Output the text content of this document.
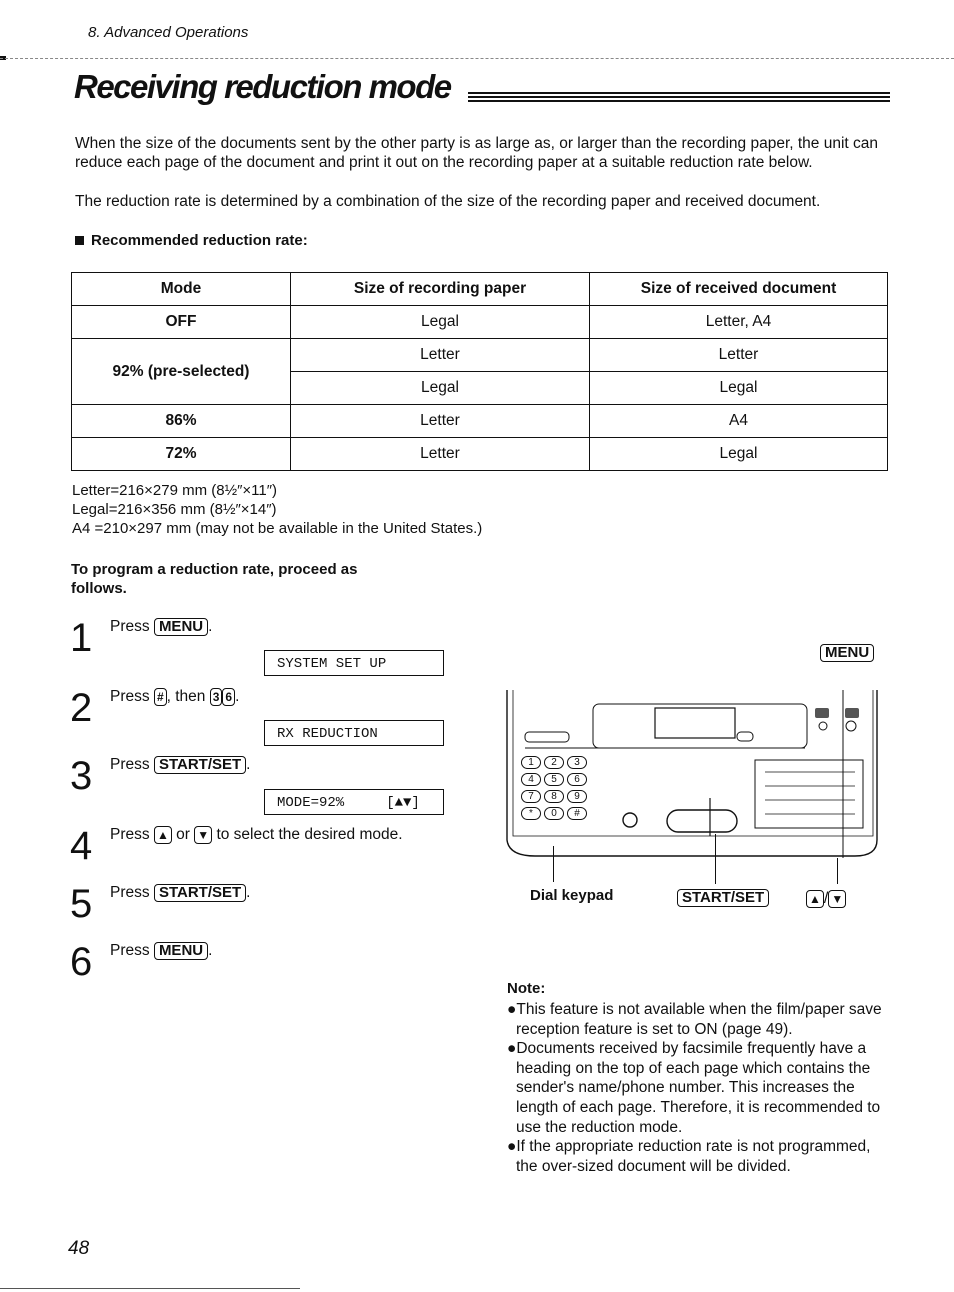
8. Advanced Operations
Receiving reduction mode
When the size of the documents sent by the other party is as large as, or larger than the recording paper, the unit can reduce each page of the document and print it out on the recording paper at a suitable reduction rate below.
The reduction rate is determined by a combination of the size of the recording paper and received document.
Recommended reduction rate:
Mode	Size of recording paper	Size of received document
OFF	Legal	Letter, A4
92% (pre-selected)	Letter	Letter
	Legal	Legal
86%	Letter	A4
72%	Letter	Legal
Letter=216×279 mm (8½″×11″)
Legal=216×356 mm (8½″×14″)
A4 =210×297 mm (may not be available in the United States.)
To program a reduction rate, proceed as follows.
1 Press MENU .
SYSTEM SET UP
2 Press # , then 3 6 .
RX REDUCTION
3 Press START/SET .
MODE=92%     [▲▼]
4 Press ▲ or ▼ to select the desired mode.
5 Press START/SET .
6 Press MENU .
MENU
1	2	3
4	5	6
7	8	9
*	0	#
Dial keypad	START/SET	▲ / ▼
Note:
●This feature is not available when the film/paper save reception feature is set to ON (page 49).
●Documents received by facsimile frequently have a heading on the top of each page which contains the sender's name/phone number. This increases the length of each page. Therefore, it is recommended to use the reduction mode.
●If the appropriate reduction rate is not programmed, the over-sized document will be divided.
48
